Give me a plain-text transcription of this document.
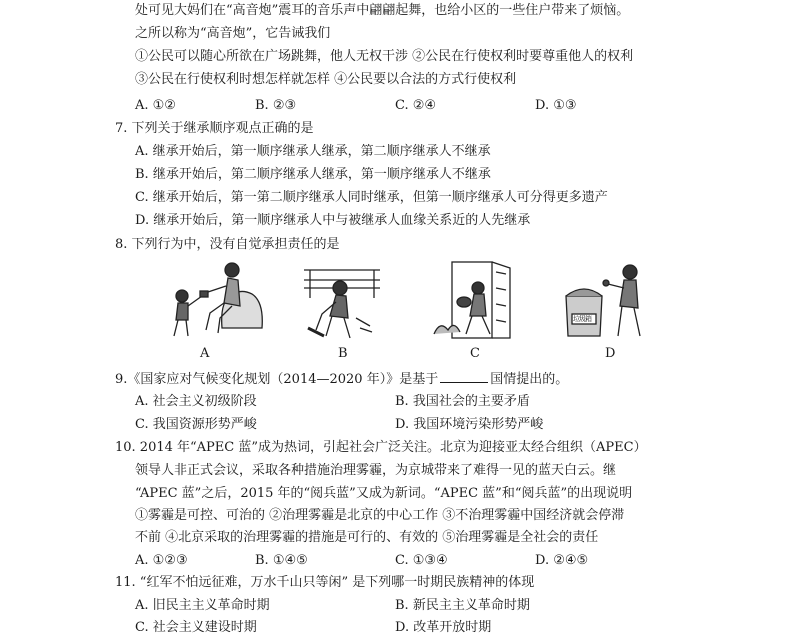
处可见大妈们在“高音炮”震耳的音乐声中翩翩起舞，也给小区的一些住户带来了烦恼。
之所以称为“高音炮”，它告诫我们
①公民可以随心所欲在广场跳舞，他人无权干涉 ②公民在行使权利时要尊重他人的权利
③公民在行使权利时想怎样就怎样 ④公民要以合法的方式行使权利
A. ①②	B. ②③	C. ②④	D. ①③
7. 下列关于继承顺序观点正确的是
A. 继承开始后，第一顺序继承人继承，第二顺序继承人不继承
B. 继承开始后，第二顺序继承人继承，第一顺序继承人不继承
C. 继承开始后，第一第二顺序继承人同时继承，但第一顺序继承人可分得更多遗产
D. 继承开始后，第一顺序继承人中与被继承人血缘关系近的人先继承
8. 下列行为中，没有自觉承担责任的是
A	B	C
垃圾箱
D
9.《国家应对气候变化规划（2014—2020 年）》是基于	国情提出的。
A. 社会主义初级阶段	B. 我国社会的主要矛盾
C. 我国资源形势严峻	D. 我国环境污染形势严峻
10. 2014 年“APEC 蓝”成为热词，引起社会广泛关注。北京为迎接亚太经合组织（APEC）
领导人非正式会议，采取各种措施治理雾霾，为京城带来了难得一见的蓝天白云。继
“APEC 蓝”之后，2015 年的“阅兵蓝”又成为新词。“APEC 蓝”和“阅兵蓝”的出现说明
①雾霾是可控、可治的 ②治理雾霾是北京的中心工作 ③不治理雾霾中国经济就会停滞
不前 ④北京采取的治理雾霾的措施是可行的、有效的 ⑤治理雾霾是全社会的责任
A. ①②③	B. ①④⑤	C. ①③④	D. ②④⑤
11. “红军不怕远征难，万水千山只等闲” 是下列哪一时期民族精神的体现
A. 旧民主主义革命时期	B. 新民主主义革命时期
C. 社会主义建设时期	D. 改革开放时期
